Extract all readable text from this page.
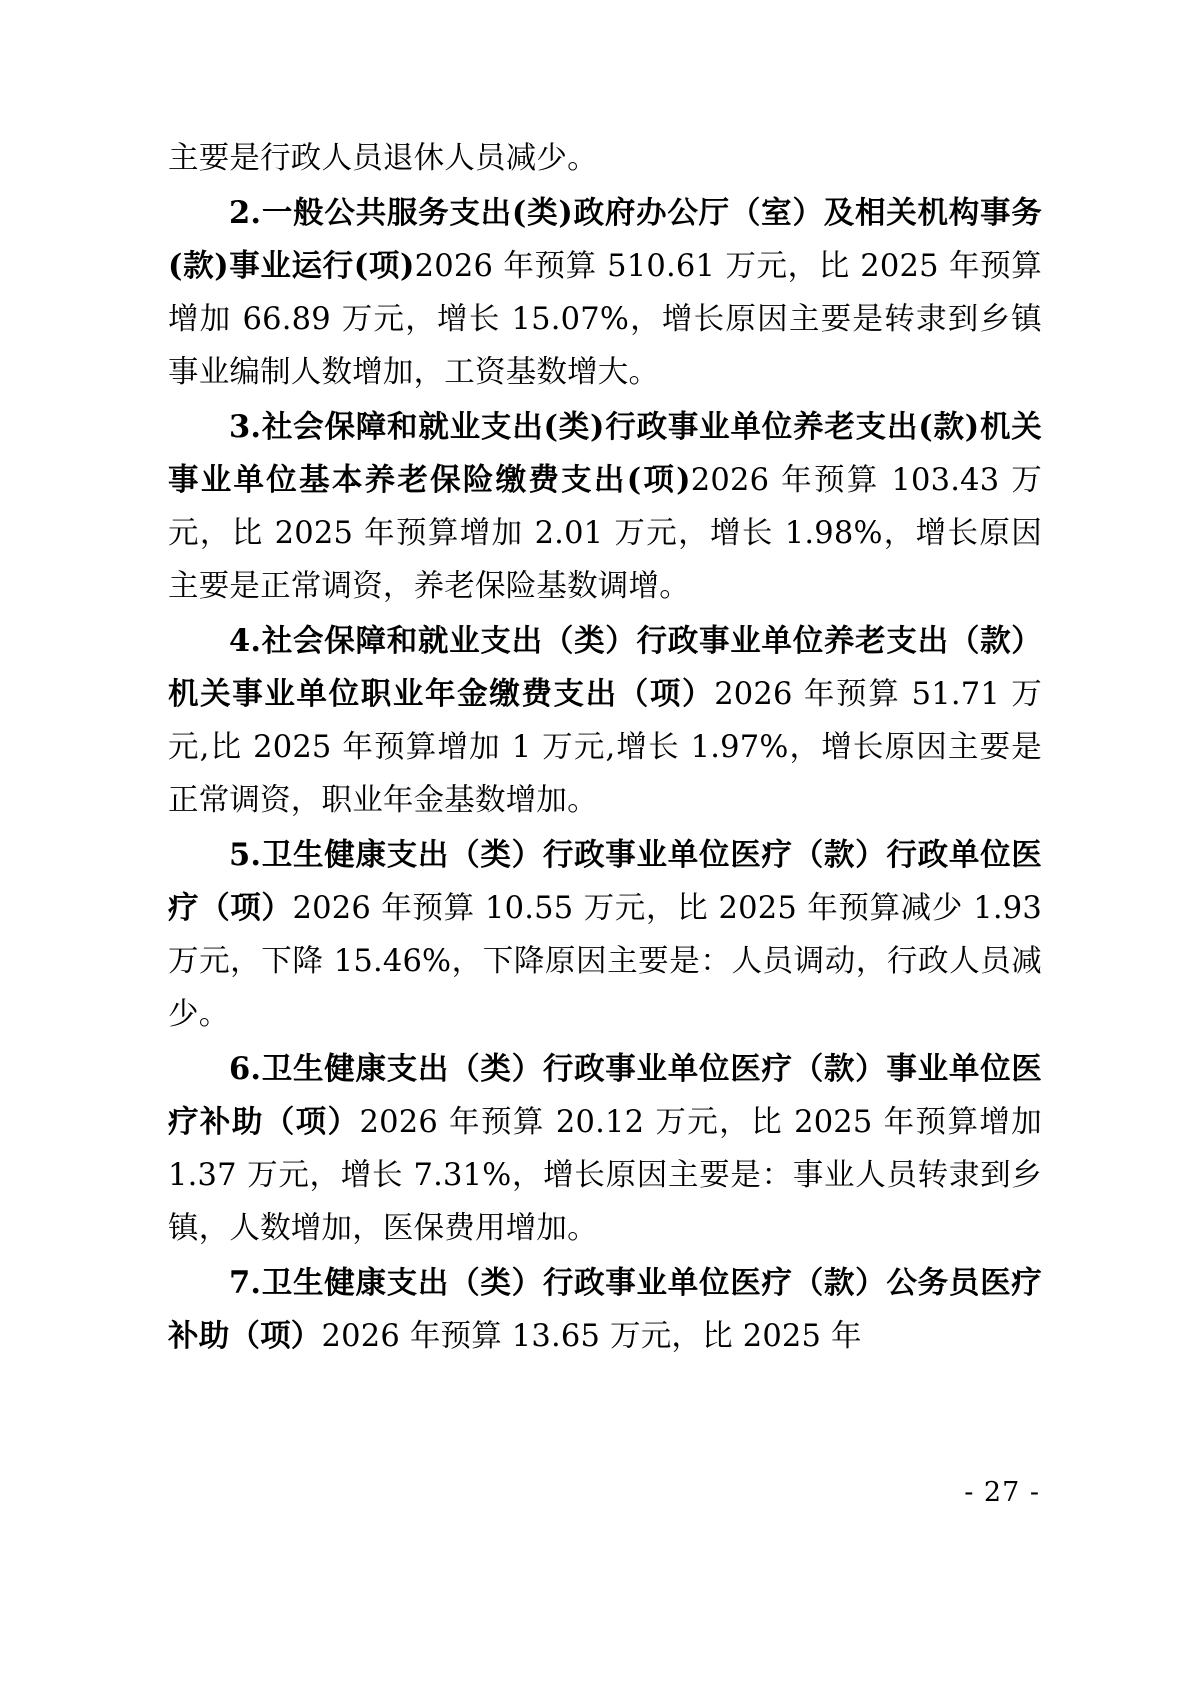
主要是行政人员退休人员减少。

2.一般公共服务支出(类)政府办公厅（室）及相关机构事务(款)事业运行(项)2026 年预算 510.61 万元，比 2025 年预算增加 66.89 万元，增长 15.07%，增长原因主要是转隶到乡镇事业编制人数增加，工资基数增大。

3.社会保障和就业支出(类)行政事业单位养老支出(款)机关事业单位基本养老保险缴费支出(项)2026 年预算 103.43 万元，比 2025 年预算增加 2.01 万元，增长 1.98%，增长原因主要是正常调资，养老保险基数调增。

4.社会保障和就业支出（类）行政事业单位养老支出（款）机关事业单位职业年金缴费支出（项）2026 年预算 51.71 万元,比 2025 年预算增加 1 万元,增长 1.97%，增长原因主要是正常调资，职业年金基数增加。

5.卫生健康支出（类）行政事业单位医疗（款）行政单位医疗（项）2026 年预算 10.55 万元，比 2025 年预算减少 1.93 万元，下降 15.46%，下降原因主要是：人员调动，行政人员减少。

6.卫生健康支出（类）行政事业单位医疗（款）事业单位医疗补助（项）2026 年预算 20.12 万元，比 2025 年预算增加 1.37 万元，增长 7.31%，增长原因主要是：事业人员转隶到乡镇，人数增加，医保费用增加。

7.卫生健康支出（类）行政事业单位医疗（款）公务员医疗补助（项）2026 年预算 13.65 万元，比 2025 年

- 27 -
